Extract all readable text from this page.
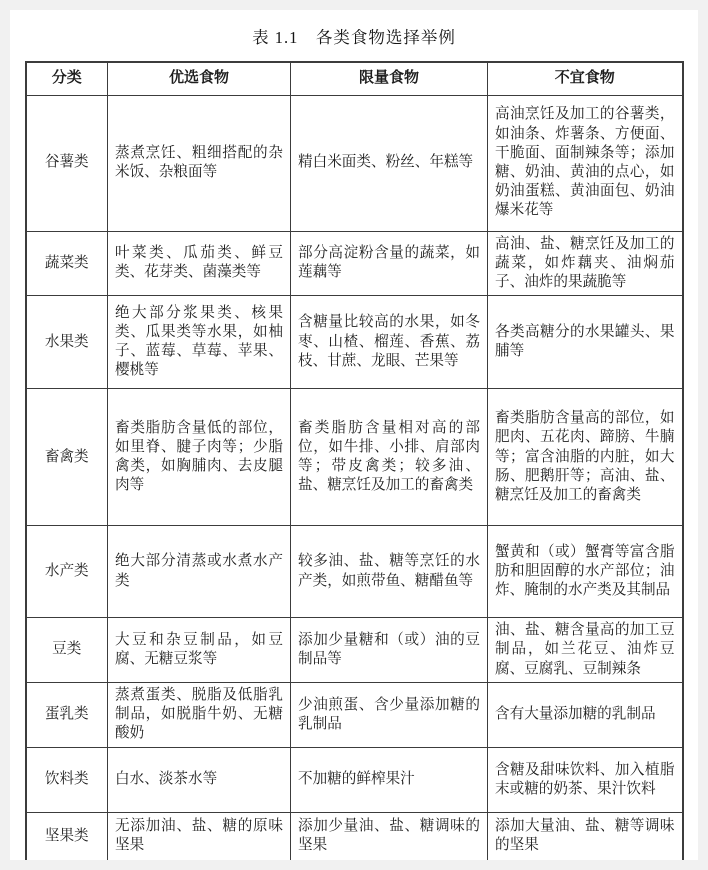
表 1.1　各类食物选择举例
分类	优选食物	限量食物	不宜食物
谷薯类	蒸煮烹饪、粗细搭配的杂米饭、杂粮面等	精白米面类、粉丝、年糕等	高油烹饪及加工的谷薯类，如油条、炸薯条、方便面、干脆面、面制辣条等；添加糖、奶油、黄油的点心，如奶油蛋糕、黄油面包、奶油爆米花等
蔬菜类	叶菜类、瓜茄类、鲜豆类、花芽类、菌藻类等	部分高淀粉含量的蔬菜，如莲藕等	高油、盐、糖烹饪及加工的蔬菜，如炸藕夹、油焖茄子、油炸的果蔬脆等
水果类	绝大部分浆果类、核果类、瓜果类等水果，如柚子、蓝莓、草莓、苹果、樱桃等	含糖量比较高的水果，如冬枣、山楂、榴莲、香蕉、荔枝、甘蔗、龙眼、芒果等	各类高糖分的水果罐头、果脯等
畜禽类	畜类脂肪含量低的部位，如里脊、腱子肉等；少脂禽类，如胸脯肉、去皮腿肉等	畜类脂肪含量相对高的部位，如牛排、小排、肩部肉等；带皮禽类；较多油、盐、糖烹饪及加工的畜禽类	畜类脂肪含量高的部位，如肥肉、五花肉、蹄膀、牛腩等；富含油脂的内脏，如大肠、肥鹅肝等；高油、盐、糖烹饪及加工的畜禽类
水产类	绝大部分清蒸或水煮水产类	较多油、盐、糖等烹饪的水产类，如煎带鱼、糖醋鱼等	蟹黄和（或）蟹膏等富含脂肪和胆固醇的水产部位；油炸、腌制的水产类及其制品
豆类	大豆和杂豆制品，如豆腐、无糖豆浆等	添加少量糖和（或）油的豆制品等	油、盐、糖含量高的加工豆制品，如兰花豆、油炸豆腐、豆腐乳、豆制辣条
蛋乳类	蒸煮蛋类、脱脂及低脂乳制品，如脱脂牛奶、无糖酸奶	少油煎蛋、含少量添加糖的乳制品	含有大量添加糖的乳制品
饮料类	白水、淡茶水等	不加糖的鲜榨果汁	含糖及甜味饮料、加入植脂末或糖的奶茶、果汁饮料
坚果类	无添加油、盐、糖的原味坚果	添加少量油、盐、糖调味的坚果	添加大量油、盐、糖等调味的坚果
